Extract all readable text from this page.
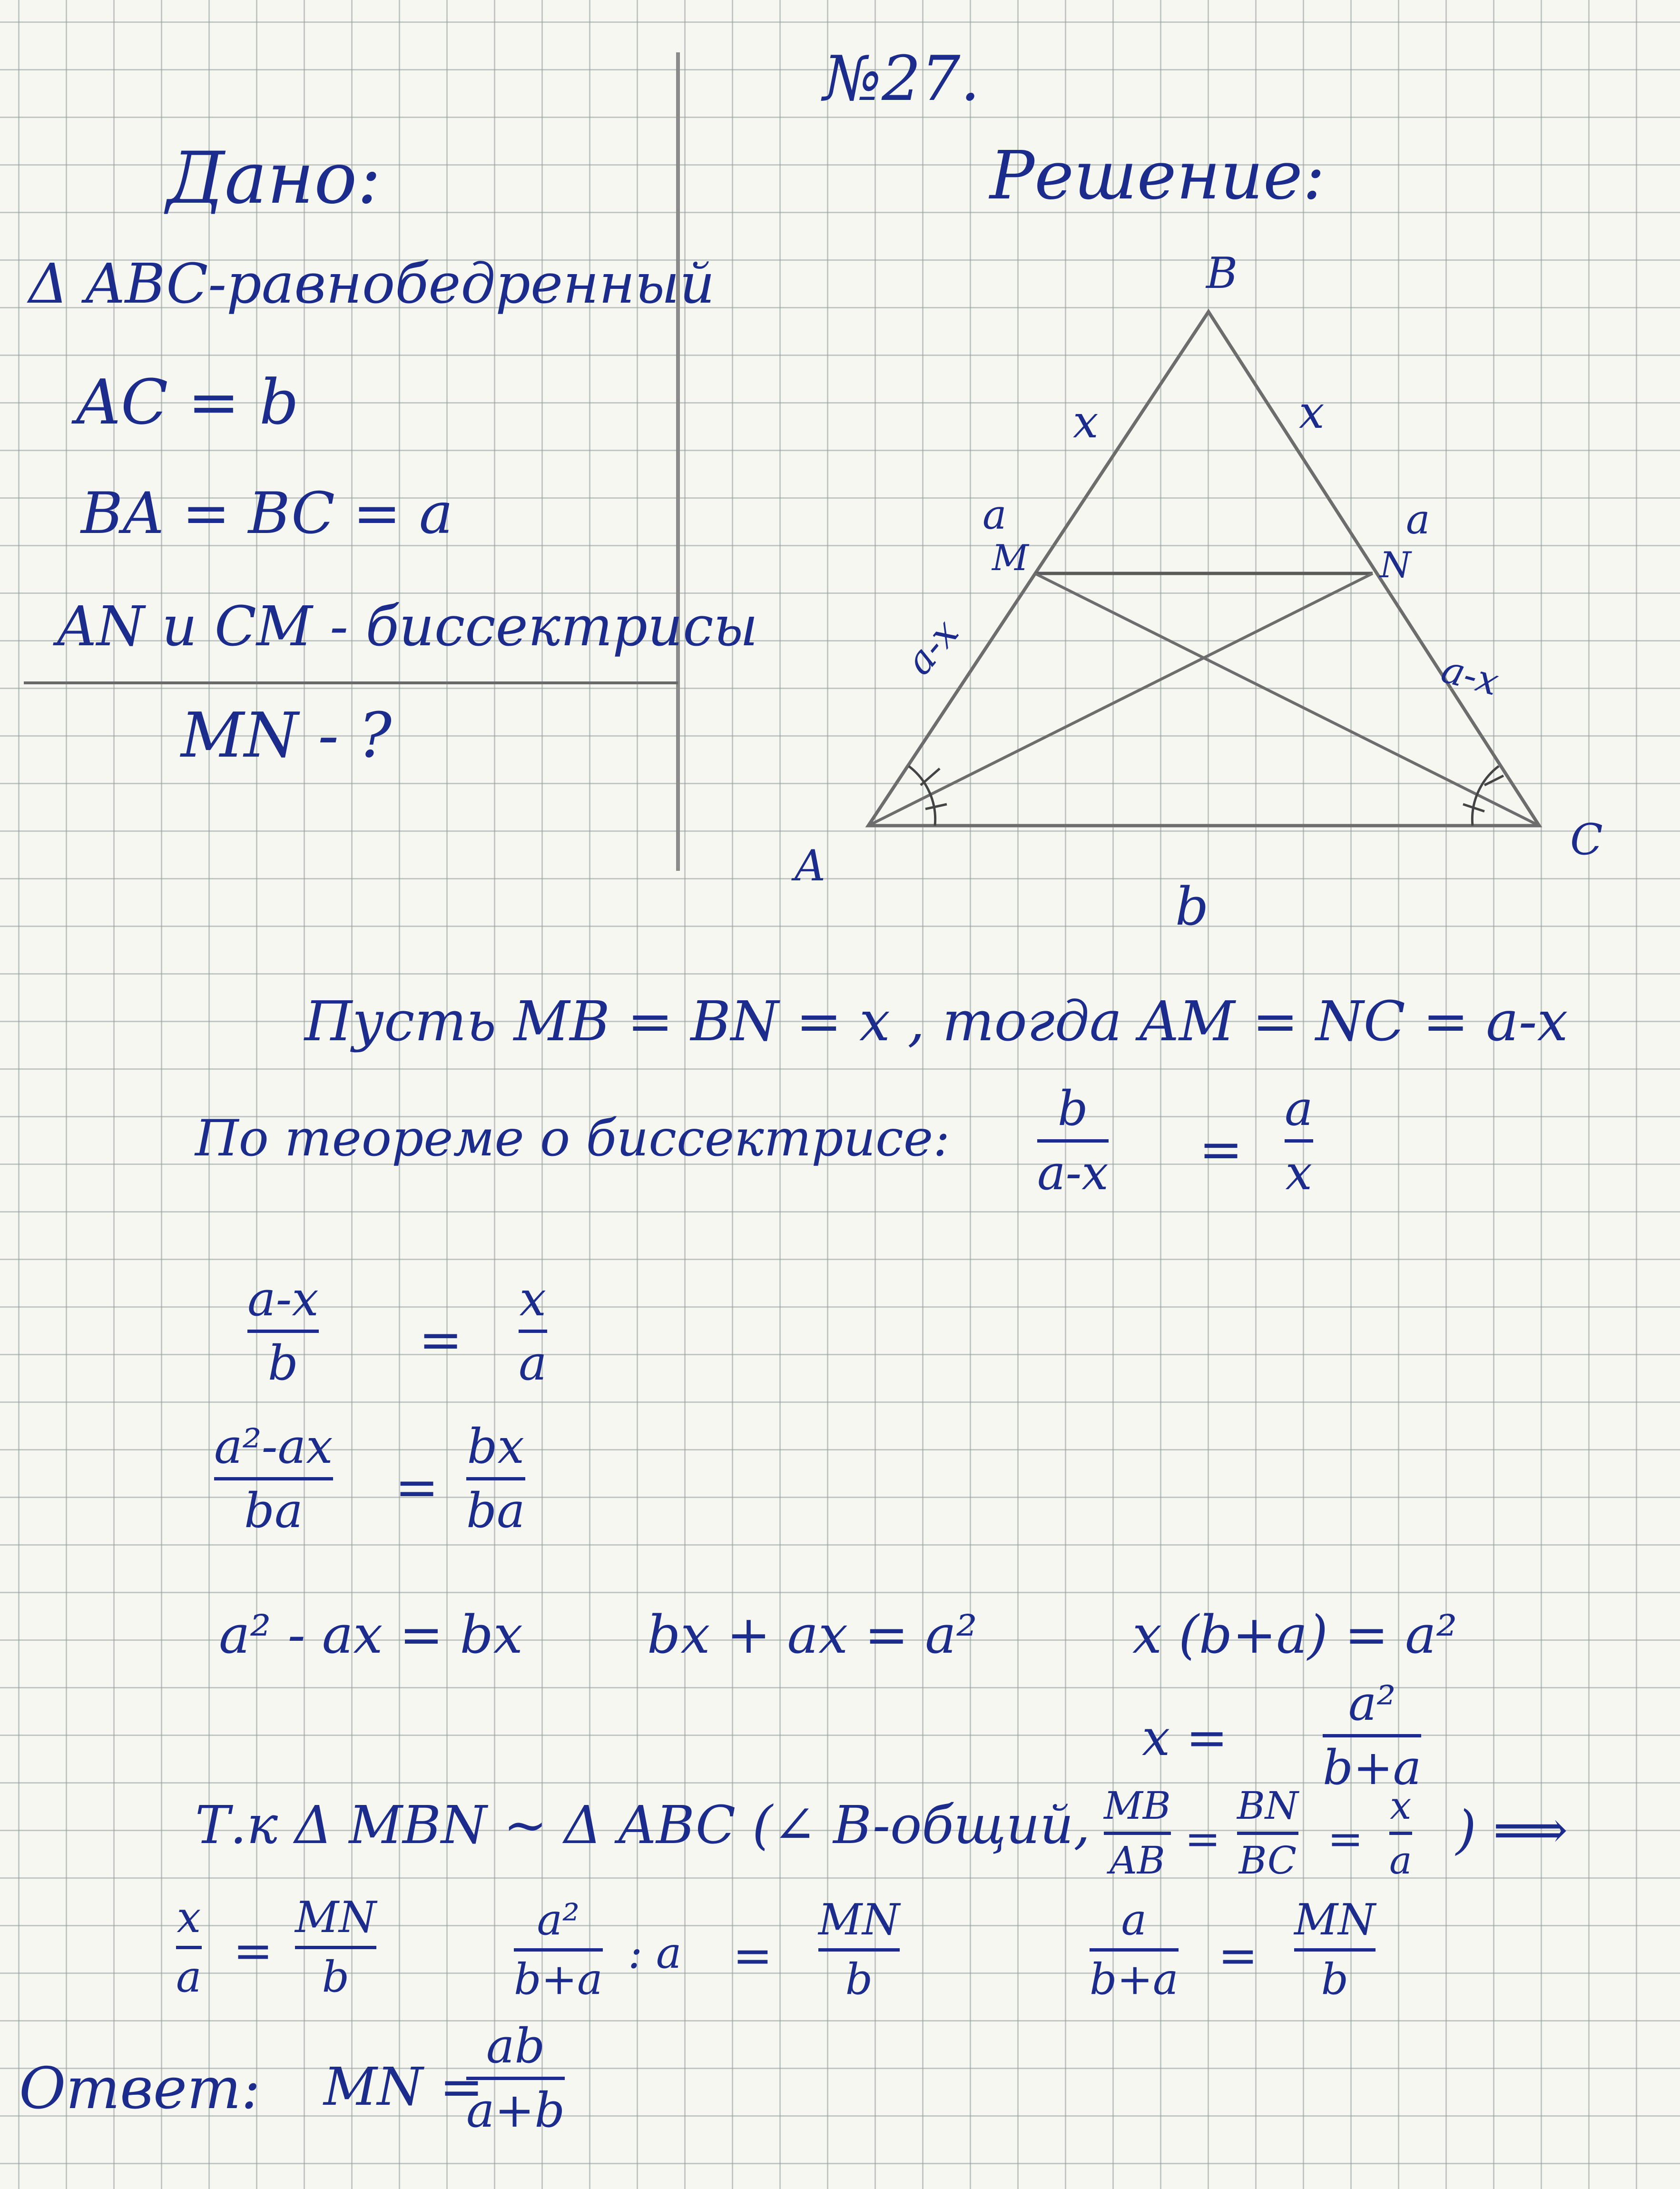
№27.
Дано:
Δ ABC-равнобедренный
AC = b
BA = BC = a
AN и CM - биссектрисы
MN - ?
Решение:
B
A
C
M	N
a	a
x	x
a-x	a-x
b
Пусть MB = BN = x , тогда AM = NC = a-x
По теореме о биссектрисе:
b
a-x =
a
x
a-x
b =
x
a
a²-ax
ba =
bx
ba
a² - ax = bx bx + ax = a²	x (b+a) = a²
x =
a²
b+a
Т.к Δ MBN ~ Δ ABC (∠ B-общий, MB
AB =
BN
BC =
x
a
) ⟹
x
a =
MN
b
a²
b+a
: a =
MN
b
a
b+a =
MN
b
Ответ: MN =
ab
a+b
